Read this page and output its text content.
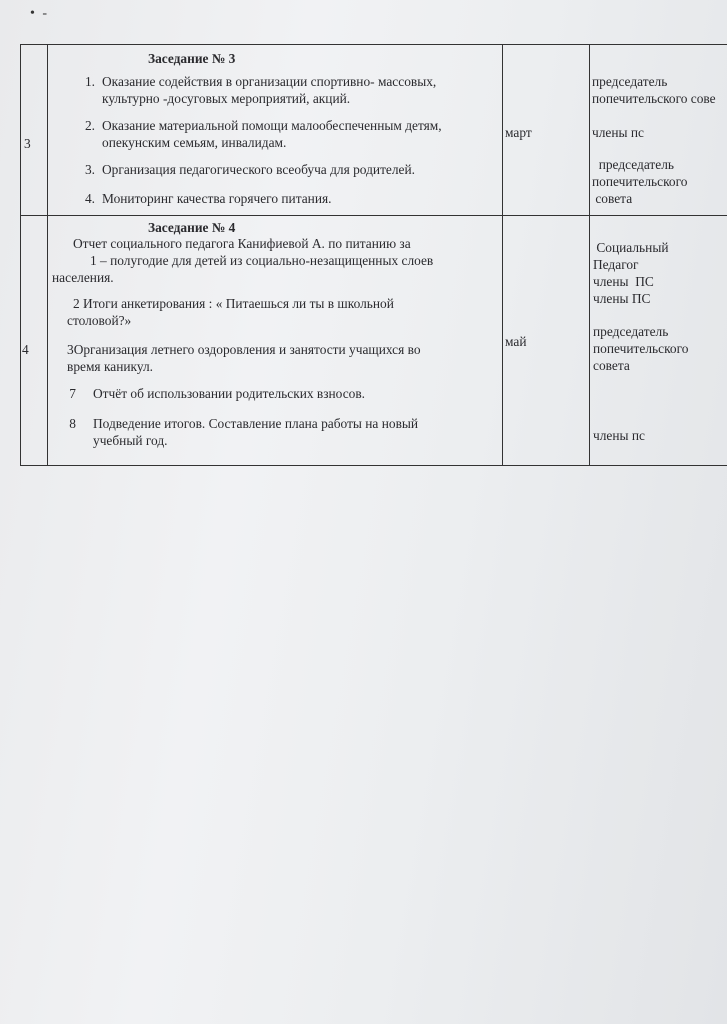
• -
3
Заседание № 3
1. Оказание содействия в организации спортивно- массовых,
культурно -досуговых мероприятий, акций.
2. Оказание материальной помощи малообеспеченным детям,
опекунским семьям, инвалидам.
3. Организация педагогического всеобуча для родителей.
4. Мониторинг качества горячего питания.
март
председатель
попечительского сове
члены пс
председатель
попечительского
совета
4
Заседание № 4
Отчет социального педагога Канифиевой А. по питанию за
1 – полугодие для детей из социально-незащищенных слоев
населения.
2 Итоги анкетирования : « Питаешься ли ты в школьной
столовой?»
3Организация летнего оздоровления и занятости учащихся во
время каникул.
7 Отчёт об использовании родительских взносов.
8 Подведение итогов. Составление плана работы на новый
учебный год.
май
Социальный
Педагог
члены  ПС
члены ПС
председатель
попечительского
совета
члены пс
